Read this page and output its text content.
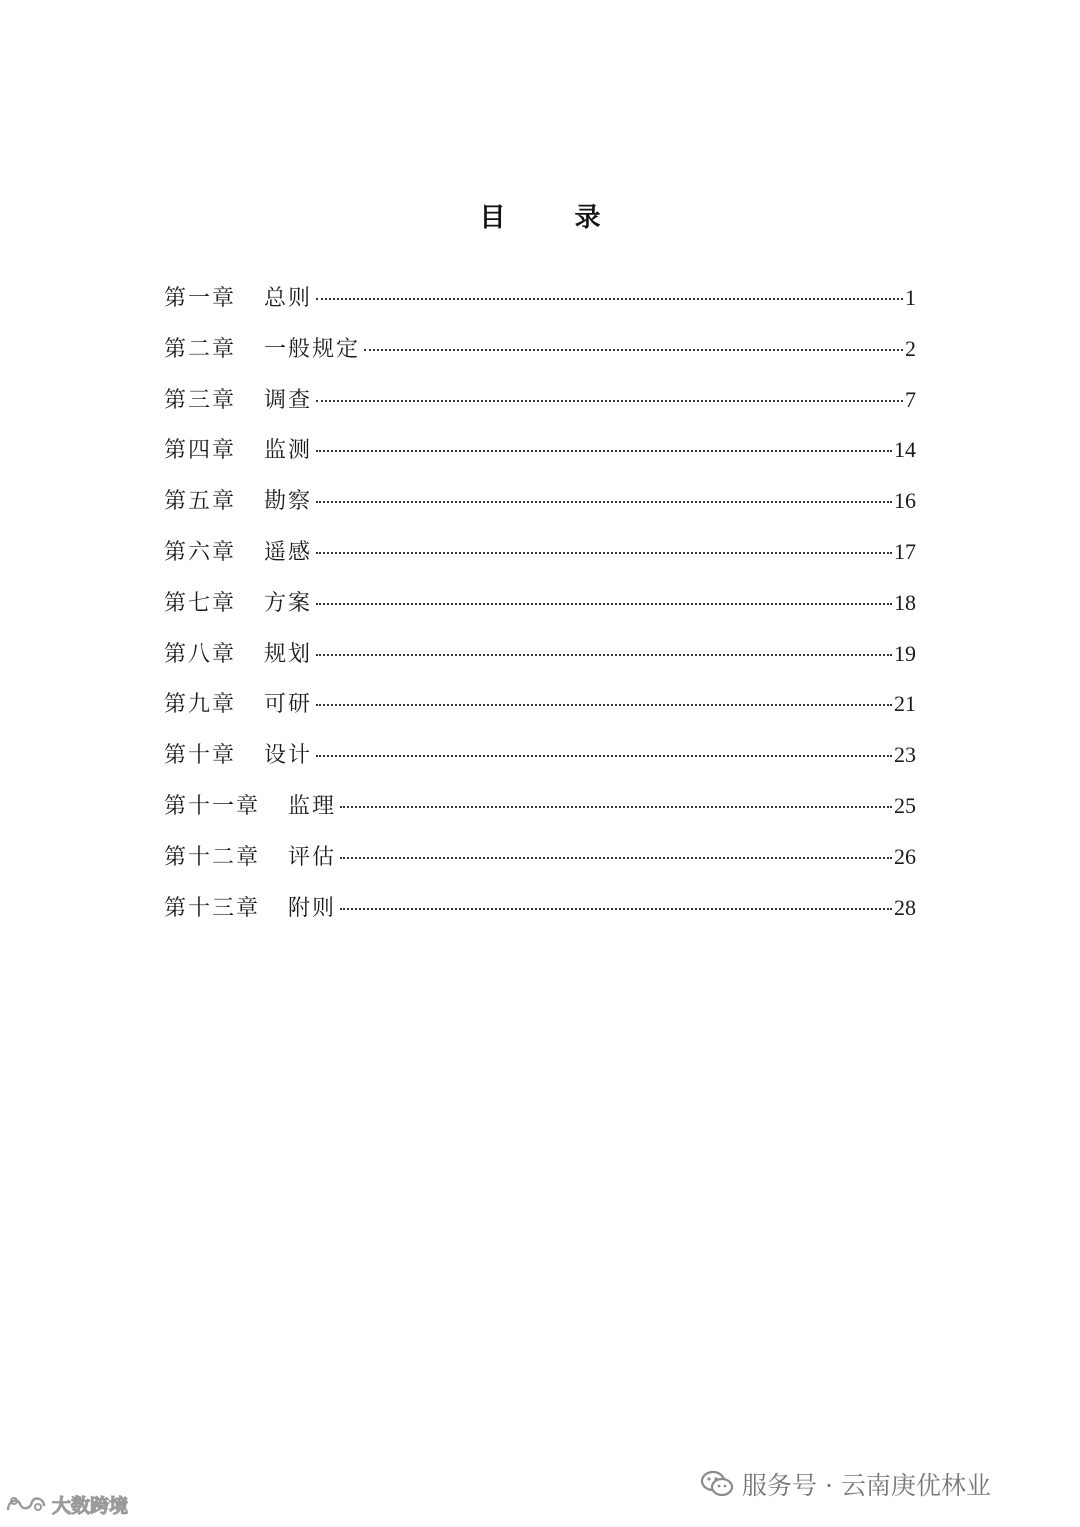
目 录
第一章 总则	1
第二章 一般规定	2
第三章 调查	7
第四章 监测	14
第五章 勘察	16
第六章 遥感	17
第七章 方案	18
第八章 规划	19
第九章 可研	21
第十章 设计	23
第十一章 监理	25
第十二章 评估	26
第十三章 附则	28
服务号 · 云南庚优林业
大数跨境
